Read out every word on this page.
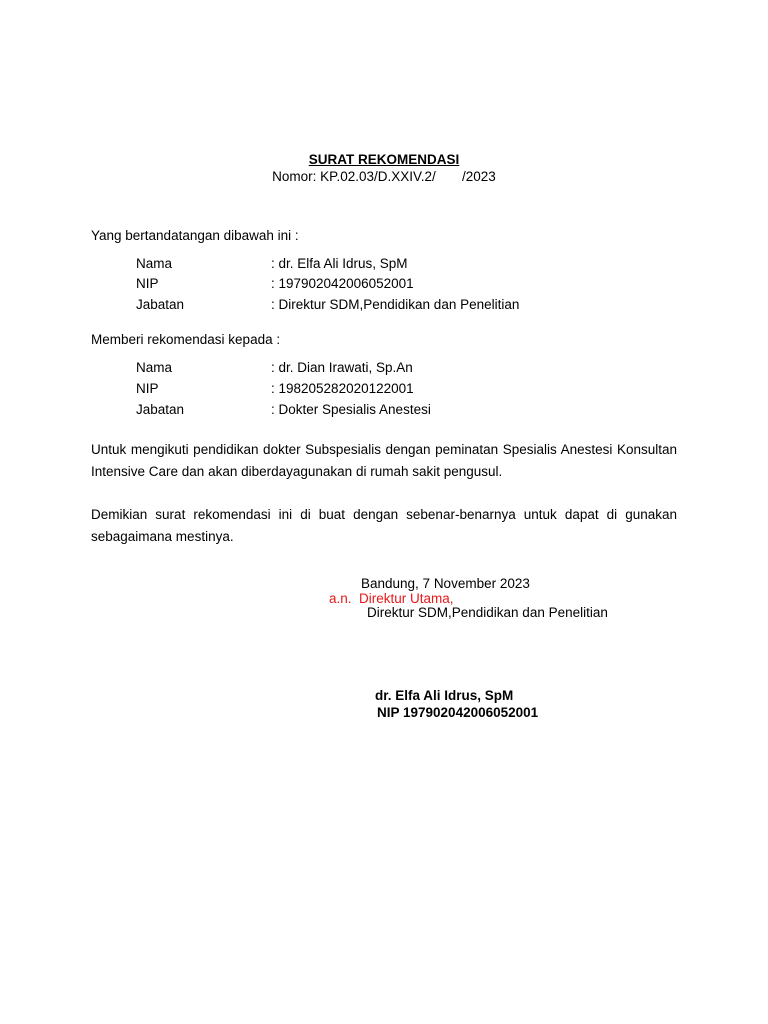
SURAT REKOMENDASI
Nomor: KP.02.03/D.XXIV.2/       /2023
Yang bertandatangan dibawah ini :
Nama	: dr. Elfa Ali Idrus, SpM
NIP	: 197902042006052001
Jabatan	: Direktur SDM,Pendidikan dan Penelitian
Memberi rekomendasi kepada :
Nama	: dr. Dian Irawati, Sp.An
NIP	: 198205282020122001
Jabatan	: Dokter Spesialis Anestesi
Untuk mengikuti pendidikan dokter Subspesialis dengan peminatan Spesialis Anestesi Konsultan Intensive Care dan akan diberdayagunakan di rumah sakit pengusul.
Demikian surat rekomendasi ini di buat dengan sebenar-benarnya untuk dapat di gunakan sebagaimana mestinya.
Bandung, 7 November 2023
a.n.  Direktur Utama,
Direktur SDM,Pendidikan dan Penelitian
dr. Elfa Ali Idrus, SpM
NIP 197902042006052001
